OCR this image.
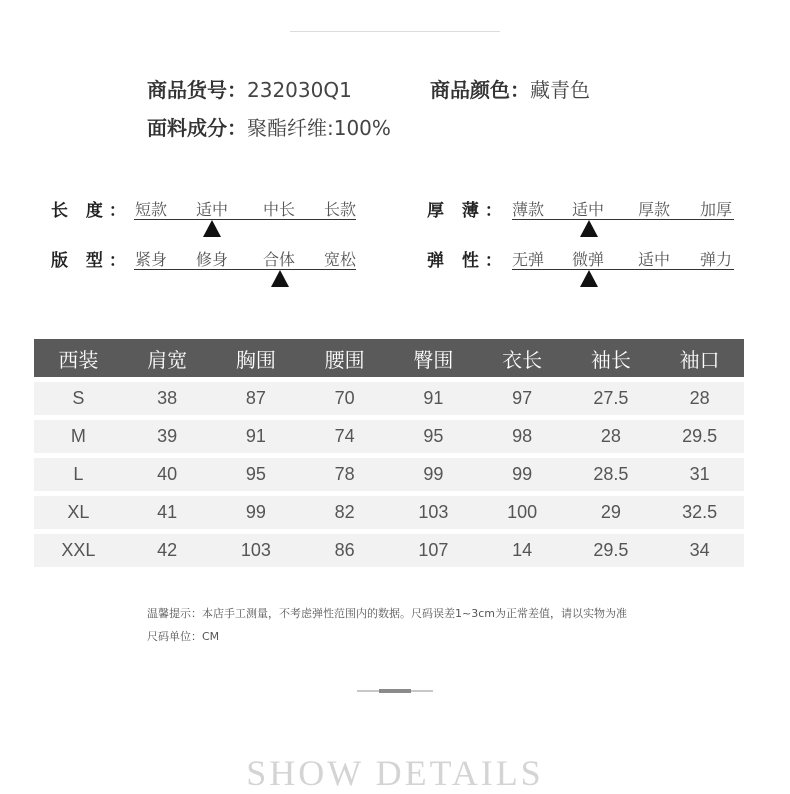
商品货号：232030Q1	商品颜色：藏青色
面料成分：聚酯纤维:100%
长 度： 短款 适中 中长 长款	厚 薄： 薄款 适中 厚款 加厚
版 型： 紧身 修身 合体 宽松	弹 性： 无弹 微弹 适中 弹力
西装	肩宽	胸围	腰围	臀围	衣长	袖长	袖口
S	38	87	70	91	97	27.5	28
M	39	91	74	95	98	28	29.5
L	40	95	78	99	99	28.5	31
XL	41	99	82	103	100	29	32.5
XXL	42	103	86	107	14	29.5	34
温馨提示：本店手工测量，不考虑弹性范围内的数据。尺码误差1~3cm为正常差值，请以实物为准
尺码单位：CM
SHOW DETAILS
